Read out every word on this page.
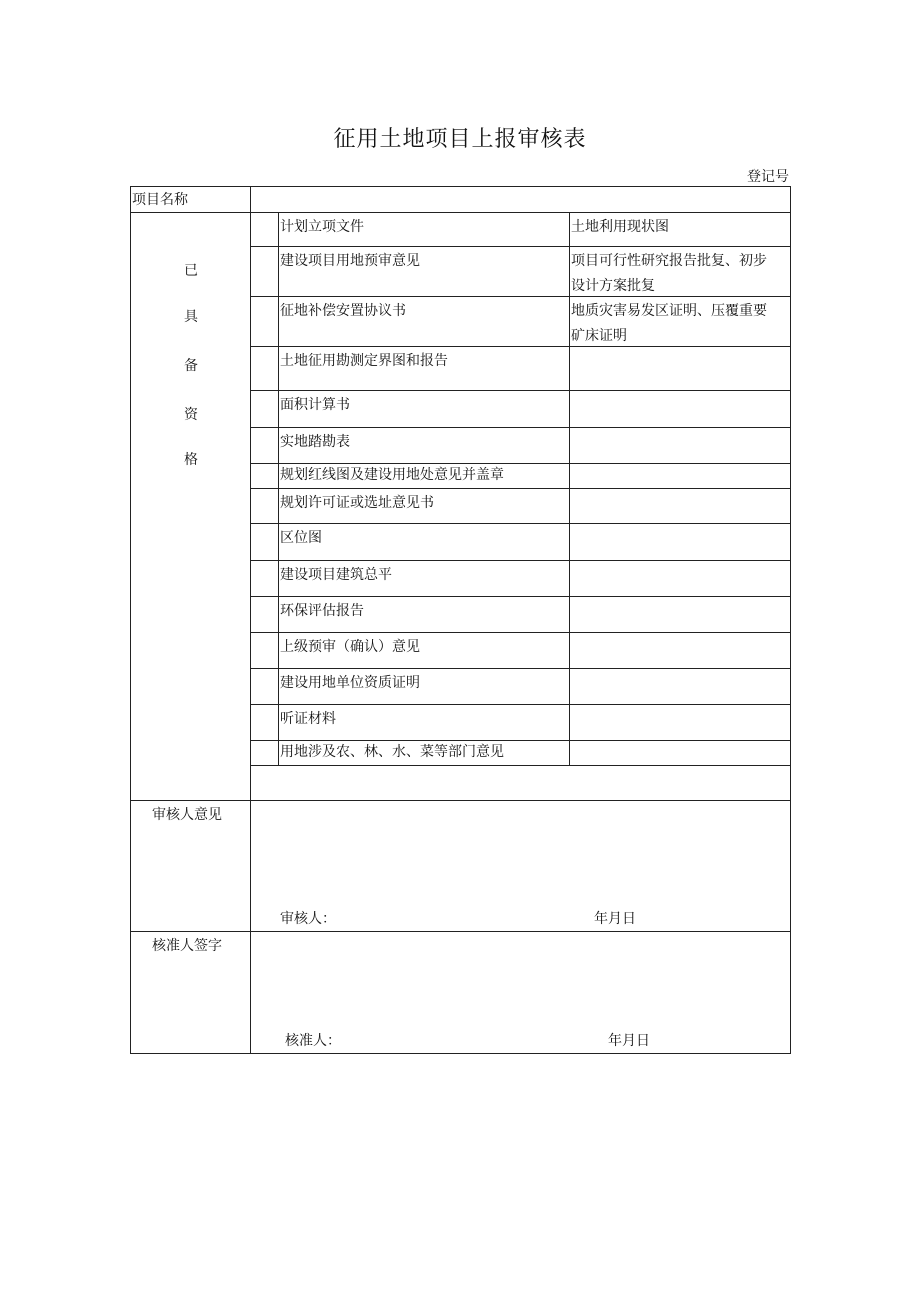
征用土地项目上报审核表
登记号
项目名称
计划立项文件	土地利用现状图
建设项目用地预审意见	项目可行性研究报告批复、初步
设计方案批复
征地补偿安置协议书	地质灾害易发区证明、压覆重要
矿床证明
土地征用勘测定界图和报告
面积计算书
实地踏勘表
规划红线图及建设用地处意见并盖章
规划许可证或选址意见书
区位图
建设项目建筑总平
环保评估报告
上级预审（确认）意见
建设用地单位资质证明
听证材料
用地涉及农、林、水、菜等部门意见
已
具
备
资
格
审核人意见
审核人：	年月日
核准人签字
核准人：	年月日
